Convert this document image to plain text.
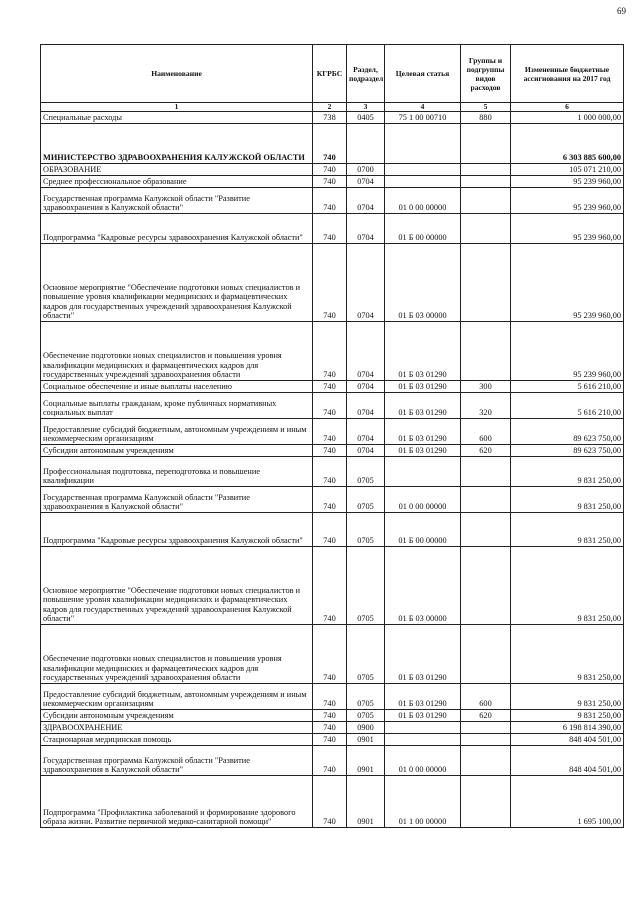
69
Наименование	КГРБС	Раздел, подраздел	Целевая статья	Группы и подгруппы видов расходов	Измененные бюджетные ассигнования на 2017 год
1	2	3	4	5	6
Специальные расходы	738	0405	75 1 00 00710	880	1 000 000,00
МИНИСТЕРСТВО ЗДРАВООХРАНЕНИЯ КАЛУЖСКОЙ ОБЛАСТИ	740				6 303 885 600,00
ОБРАЗОВАНИЕ	740	0700			105 071 210,00
Среднее профессиональное образование	740	0704			95 239 960,00
Государственная программа Калужской области "Развитие здравоохранения в Калужской области"	740	0704	01 0 00 00000		95 239 960,00
Подпрограмма "Кадровые ресурсы здравоохранения Калужской области"	740	0704	01 Б 00 00000		95 239 960,00
Основное мероприятие "Обеспечение подготовки новых специалистов и повышение уровня квалификации медицинских и фармацевтических кадров для государственных учреждений здравоохранения Калужской области"	740	0704	01 Б 03 00000		95 239 960,00
Обеспечение подготовки новых специалистов и повышения уровня квалификации медицинских и фармацевтических кадров для государственных учреждений здравоохранения области	740	0704	01 Б 03 01290		95 239 960,00
Социальное обеспечение и иные выплаты населению	740	0704	01 Б 03 01290	300	5 616 210,00
Социальные выплаты гражданам, кроме публичных нормативных социальных выплат	740	0704	01 Б 03 01290	320	5 616 210,00
Предоставление субсидий бюджетным, автономным учреждениям и иным некоммерческим организациям	740	0704	01 Б 03 01290	600	89 623 750,00
Субсидии автономным учреждениям	740	0704	01 Б 03 01290	620	89 623 750,00
Профессиональная подготовка, переподготовка и повышение квалификации	740	0705			9 831 250,00
Государственная программа Калужской области "Развитие здравоохранения в Калужской области"	740	0705	01 0 00 00000		9 831 250,00
Подпрограмма "Кадровые ресурсы здравоохранения Калужской области"	740	0705	01 Б 00 00000		9 831 250,00
Основное мероприятие "Обеспечение подготовки новых специалистов и повышение уровня квалификации медицинских и фармацевтических кадров для государственных учреждений здравоохранения Калужской области"	740	0705	01 Б 03 00000		9 831 250,00
Обеспечение подготовки новых специалистов и повышения уровня квалификации медицинских и фармацевтических кадров для государственных учреждений здравоохранения области	740	0705	01 Б 03 01290		9 831 250,00
Предоставление субсидий бюджетным, автономным учреждениям и иным некоммерческим организациям	740	0705	01 Б 03 01290	600	9 831 250,00
Субсидии автономным учреждениям	740	0705	01 Б 03 01290	620	9 831 250,00
ЗДРАВООХРАНЕНИЕ	740	0900			6 198 814 390,00
Стационарная медицинская помощь	740	0901			848 404 501,00
Государственная программа Калужской области "Развитие здравоохранения в Калужской области"	740	0901	01 0 00 00000		848 404 501,00
Подпрограмма "Профилактика заболеваний и формирование здорового образа жизни. Развитие первичной медико-санитарной помощи"	740	0901	01 1 00 00000		1 695 100,00
